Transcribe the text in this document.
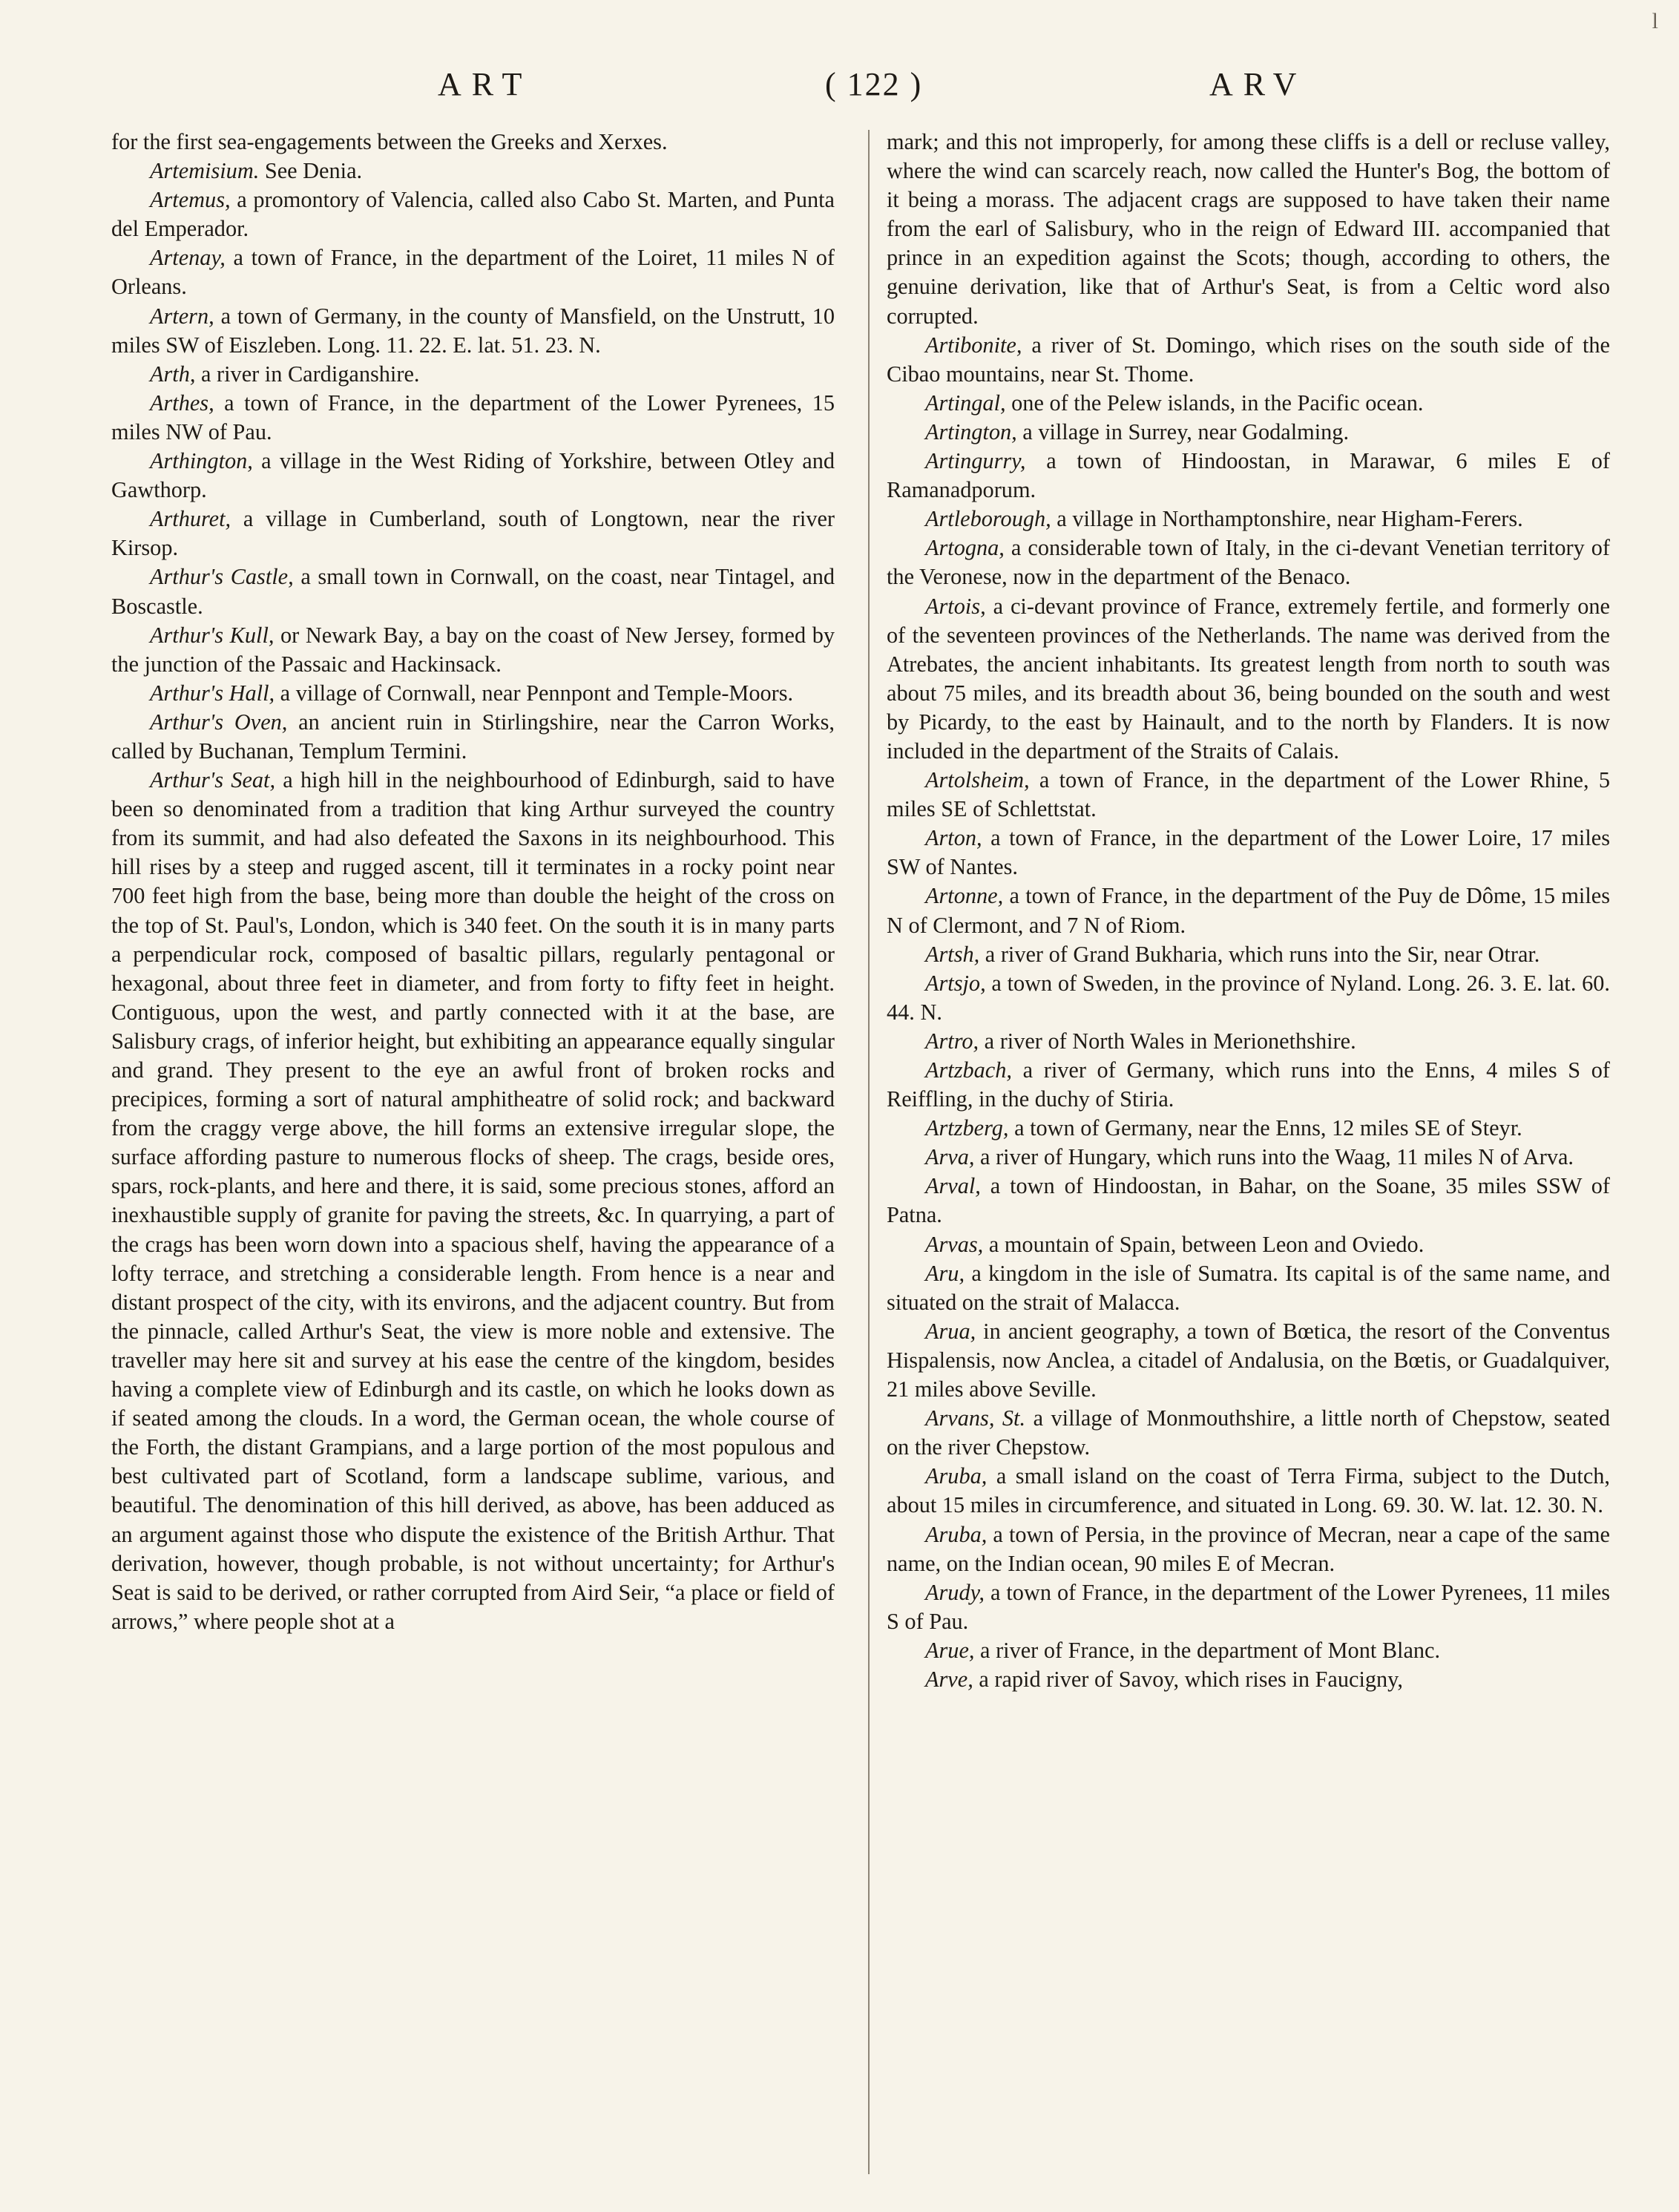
l
ART	( 122 )	ARV

for the first sea-engagements between the Greeks and Xerxes.

Artemisium. See Denia.

Artemus, a promontory of Valencia, called also Cabo St. Marten, and Punta del Emperador.

Artenay, a town of France, in the department of the Loiret, 11 miles N of Orleans.

Artern, a town of Germany, in the county of Mansfield, on the Unstrutt, 10 miles SW of Eiszleben. Long. 11. 22. E. lat. 51. 23. N.

Arth, a river in Cardiganshire.

Arthes, a town of France, in the department of the Lower Pyrenees, 15 miles NW of Pau.

Arthington, a village in the West Riding of Yorkshire, between Otley and Gawthorp.

Arthuret, a village in Cumberland, south of Longtown, near the river Kirsop.

Arthur's Castle, a small town in Cornwall, on the coast, near Tintagel, and Boscastle.

Arthur's Kull, or Newark Bay, a bay on the coast of New Jersey, formed by the junction of the Passaic and Hackinsack.

Arthur's Hall, a village of Cornwall, near Pennpont and Temple-Moors.

Arthur's Oven, an ancient ruin in Stirlingshire, near the Carron Works, called by Buchanan, Templum Termini.

Arthur's Seat, a high hill in the neighbourhood of Edinburgh, said to have been so denominated from a tradition that king Arthur surveyed the country from its summit, and had also defeated the Saxons in its neighbourhood. This hill rises by a steep and rugged ascent, till it terminates in a rocky point near 700 feet high from the base, being more than double the height of the cross on the top of St. Paul's, London, which is 340 feet. On the south it is in many parts a perpendicular rock, composed of basaltic pillars, regularly pentagonal or hexagonal, about three feet in diameter, and from forty to fifty feet in height. Contiguous, upon the west, and partly connected with it at the base, are Salisbury crags, of inferior height, but exhibiting an appearance equally singular and grand. They present to the eye an awful front of broken rocks and precipices, forming a sort of natural amphitheatre of solid rock; and backward from the craggy verge above, the hill forms an extensive irregular slope, the surface affording pasture to numerous flocks of sheep. The crags, beside ores, spars, rock-plants, and here and there, it is said, some precious stones, afford an inexhaustible supply of granite for paving the streets, &c. In quarrying, a part of the crags has been worn down into a spacious shelf, having the appearance of a lofty terrace, and stretching a considerable length. From hence is a near and distant prospect of the city, with its environs, and the adjacent country. But from the pinnacle, called Arthur's Seat, the view is more noble and extensive. The traveller may here sit and survey at his ease the centre of the kingdom, besides having a complete view of Edinburgh and its castle, on which he looks down as if seated among the clouds. In a word, the German ocean, the whole course of the Forth, the distant Grampians, and a large portion of the most populous and best cultivated part of Scotland, form a landscape sublime, various, and beautiful. The denomination of this hill derived, as above, has been adduced as an argument against those who dispute the existence of the British Arthur. That derivation, however, though probable, is not without uncertainty; for Arthur's Seat is said to be derived, or rather corrupted from Aird Seir, “a place or field of arrows,” where people shot at a

mark; and this not improperly, for among these cliffs is a dell or recluse valley, where the wind can scarcely reach, now called the Hunter's Bog, the bottom of it being a morass. The adjacent crags are supposed to have taken their name from the earl of Salisbury, who in the reign of Edward III. accompanied that prince in an expedition against the Scots; though, according to others, the genuine derivation, like that of Arthur's Seat, is from a Celtic word also corrupted.

Artibonite, a river of St. Domingo, which rises on the south side of the Cibao mountains, near St. Thome.

Artingal, one of the Pelew islands, in the Pacific ocean.

Artington, a village in Surrey, near Godalming.

Artingurry, a town of Hindoostan, in Marawar, 6 miles E of Ramanadporum.

Artleborough, a village in Northamptonshire, near Higham-Ferers.

Artogna, a considerable town of Italy, in the ci-devant Venetian territory of the Veronese, now in the department of the Benaco.

Artois, a ci-devant province of France, extremely fertile, and formerly one of the seventeen provinces of the Netherlands. The name was derived from the Atrebates, the ancient inhabitants. Its greatest length from north to south was about 75 miles, and its breadth about 36, being bounded on the south and west by Picardy, to the east by Hainault, and to the north by Flanders. It is now included in the department of the Straits of Calais.

Artolsheim, a town of France, in the department of the Lower Rhine, 5 miles SE of Schlettstat.

Arton, a town of France, in the department of the Lower Loire, 17 miles SW of Nantes.

Artonne, a town of France, in the department of the Puy de Dôme, 15 miles N of Clermont, and 7 N of Riom.

Artsh, a river of Grand Bukharia, which runs into the Sir, near Otrar.

Artsjo, a town of Sweden, in the province of Nyland. Long. 26. 3. E. lat. 60. 44. N.

Artro, a river of North Wales in Merionethshire.

Artzbach, a river of Germany, which runs into the Enns, 4 miles S of Reiffling, in the duchy of Stiria.

Artzberg, a town of Germany, near the Enns, 12 miles SE of Steyr.

Arva, a river of Hungary, which runs into the Waag, 11 miles N of Arva.

Arval, a town of Hindoostan, in Bahar, on the Soane, 35 miles SSW of Patna.

Arvas, a mountain of Spain, between Leon and Oviedo.

Aru, a kingdom in the isle of Sumatra. Its capital is of the same name, and situated on the strait of Malacca.

Arua, in ancient geography, a town of Bœtica, the resort of the Conventus Hispalensis, now Anclea, a citadel of Andalusia, on the Bœtis, or Guadalquiver, 21 miles above Seville.

Arvans, St. a village of Monmouthshire, a little north of Chepstow, seated on the river Chepstow.

Aruba, a small island on the coast of Terra Firma, subject to the Dutch, about 15 miles in circumference, and situated in Long. 69. 30. W. lat. 12. 30. N.

Aruba, a town of Persia, in the province of Mecran, near a cape of the same name, on the Indian ocean, 90 miles E of Mecran.

Arudy, a town of France, in the department of the Lower Pyrenees, 11 miles S of Pau.

Arue, a river of France, in the department of Mont Blanc.

Arve, a rapid river of Savoy, which rises in Faucigny,
